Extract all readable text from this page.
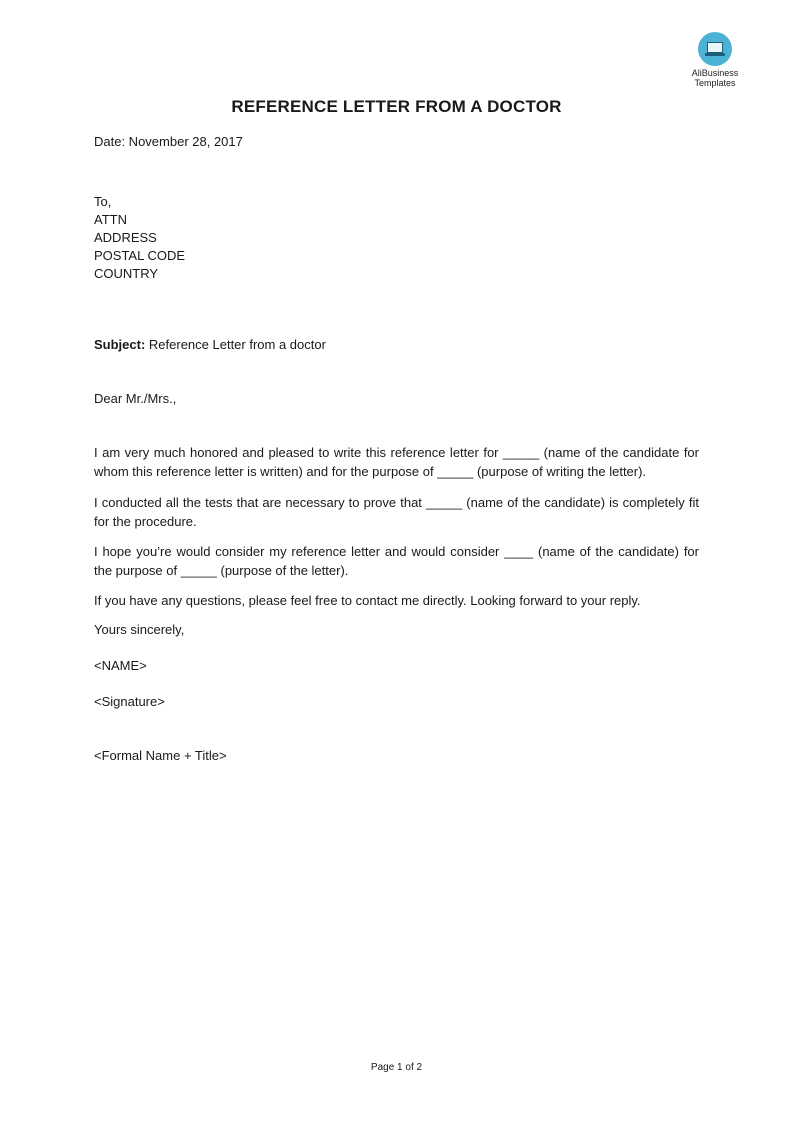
AliBusiness
Templates
REFERENCE LETTER FROM A DOCTOR
Date: November 28, 2017
To,
ATTN
ADDRESS
POSTAL CODE
COUNTRY
Subject: Reference Letter from a doctor
Dear Mr./Mrs.,
I am very much honored and pleased to write this reference letter for _____ (name of the candidate for whom this reference letter is written) and for the purpose of _____ (purpose of writing the letter).
I conducted all the tests that are necessary to prove that _____ (name of the candidate) is completely fit for the procedure.
I hope you’re would consider my reference letter and would consider ____ (name of the candidate) for the purpose of _____ (purpose of the letter).
If you have any questions, please feel free to contact me directly. Looking forward to your reply.
Yours sincerely,
<NAME>
<Signature>
<Formal Name + Title>
Page 1 of 2
